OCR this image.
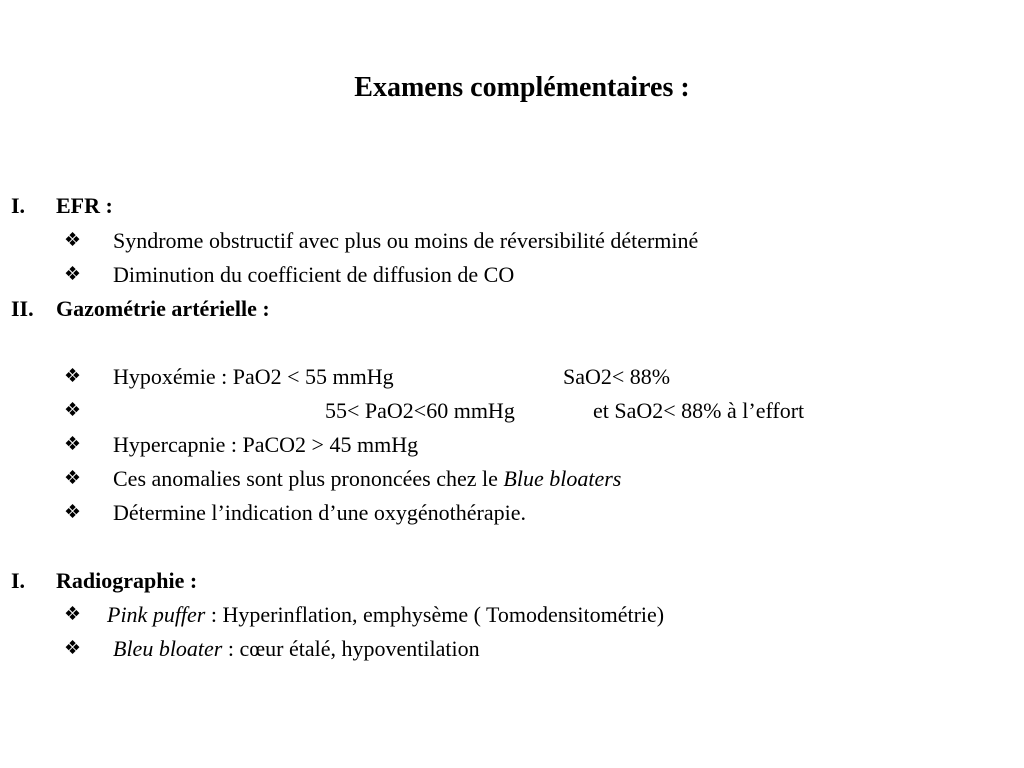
Examens complémentaires :
I. EFR :
❖ Syndrome obstructif avec plus ou moins de réversibilité déterminé
❖ Diminution du coefficient de diffusion de CO
II. Gazométrie artérielle :
❖ Hypoxémie : PaO2 < 55 mmHg	SaO2< 88%
❖	55< PaO2<60 mmHg	et SaO2< 88% à l’effort
❖ Hypercapnie : PaCO2 > 45 mmHg
❖ Ces anomalies sont plus prononcées chez le Blue bloaters
❖ Détermine l’indication d’une oxygénothérapie.
I. Radiographie :
❖ Pink puffer : Hyperinflation, emphysème ( Tomodensitométrie)
❖ Bleu bloater : cœur étalé, hypoventilation
